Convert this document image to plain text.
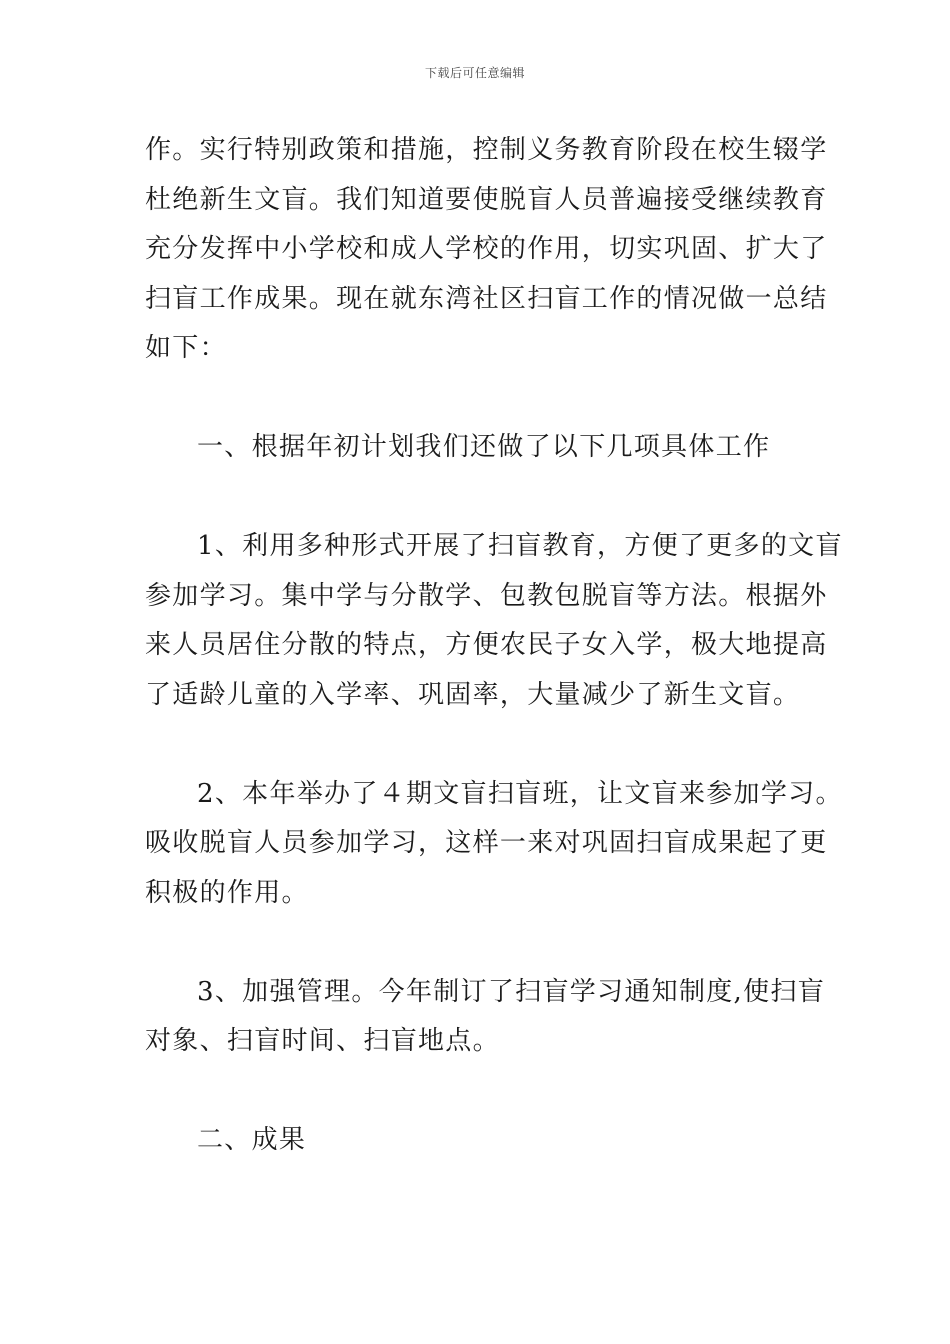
下载后可任意编辑
作。实行特别政策和措施，控制义务教育阶段在校生辍学
杜绝新生文盲。我们知道要使脱盲人员普遍接受继续教育
充分发挥中小学校和成人学校的作用，切实巩固、扩大了
扫盲工作成果。现在就东湾社区扫盲工作的情况做一总结
如下：
一、根据年初计划我们还做了以下几项具体工作
1、利用多种形式开展了扫盲教育，方便了更多的文盲
参加学习。集中学与分散学、包教包脱盲等方法。根据外
来人员居住分散的特点，方便农民子女入学，极大地提高
了适龄儿童的入学率、巩固率，大量减少了新生文盲。
2、本年举办了４期文盲扫盲班，让文盲来参加学习。
吸收脱盲人员参加学习，这样一来对巩固扫盲成果起了更
积极的作用。
3、加强管理。今年制订了扫盲学习通知制度,使扫盲
对象、扫盲时间、扫盲地点。
二、成果
